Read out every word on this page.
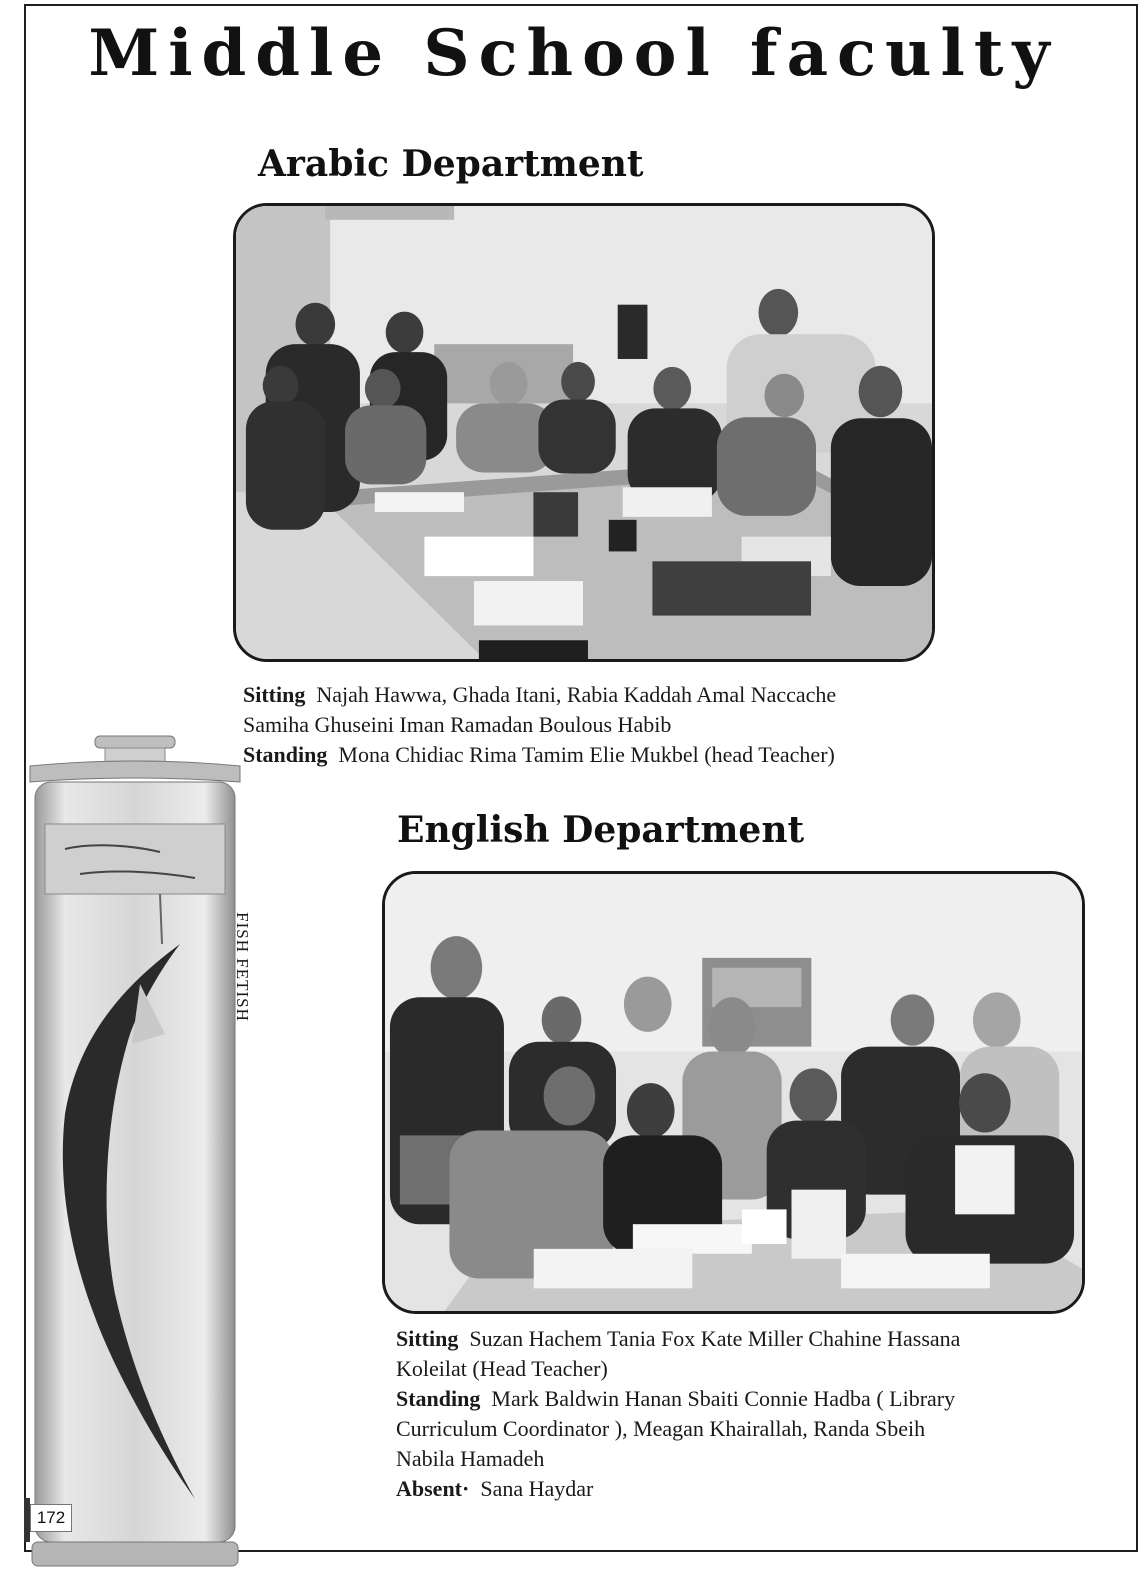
Middle School faculty
Arabic Department

Sitting Najah Hawwa, Ghada Itani, Rabia Kaddah Amal Naccache

Samiha Ghuseini Iman Ramadan Boulous Habib

Standing Mona Chidiac Rima Tamim Elie Mukbel (head Teacher)

English Department

Sitting Suzan Hachem Tania Fox Kate Miller Chahine Hassana

Koleilat (Head Teacher)

Standing Mark Baldwin Hanan Sbaiti Connie Hadba ( Library

Curriculum Coordinator ), Meagan Khairallah, Randa Sbeih

Nabila Hamadeh

Absent· Sana Haydar

FISH FETISH
172
